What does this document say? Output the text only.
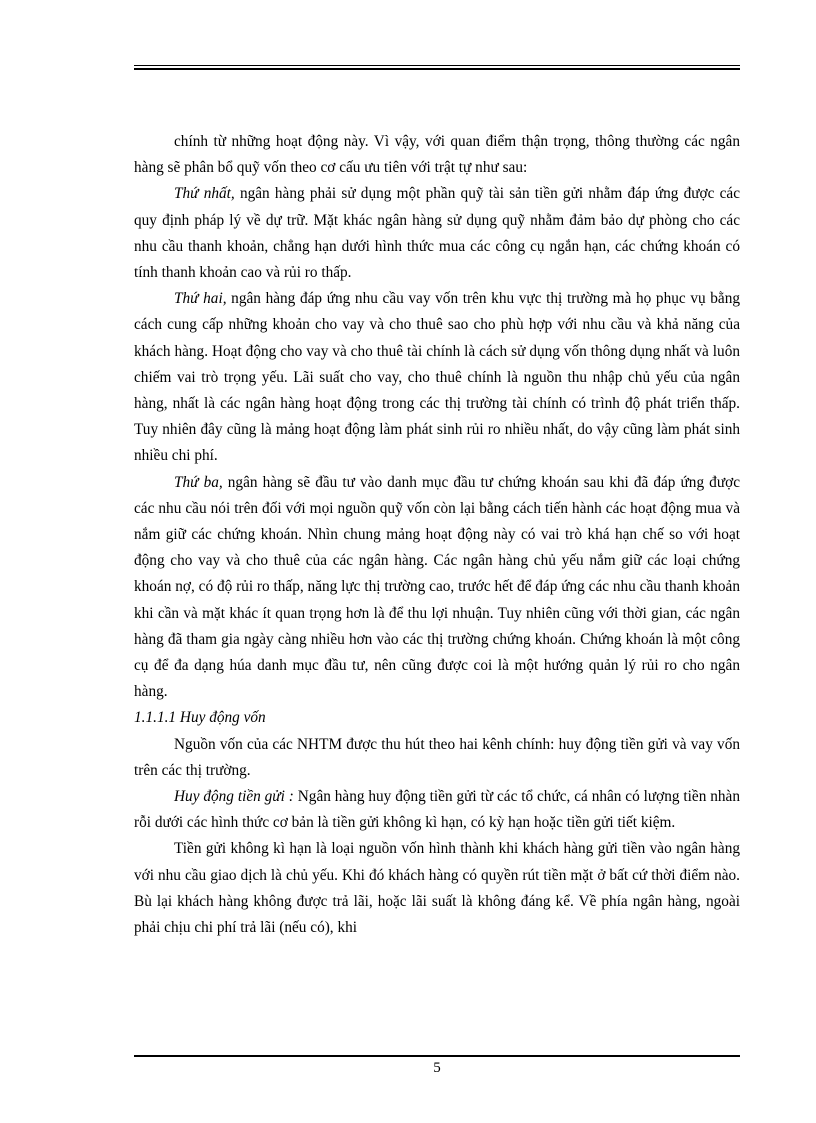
chính từ những hoạt động này. Vì vậy, với quan điểm thận trọng, thông thường các ngân hàng sẽ phân bổ quỹ vốn theo cơ cấu ưu tiên với trật tự như sau:

Thứ nhất, ngân hàng phải sử dụng một phần quỹ tài sản tiền gửi nhằm đáp ứng được các quy định pháp lý về dự trữ. Mặt khác ngân hàng sử dụng quỹ nhằm đảm bảo dự phòng cho các nhu cầu thanh khoản, chẳng hạn dưới hình thức mua các công cụ ngắn hạn, các chứng khoán có tính thanh khoản cao và rủi ro thấp.

Thứ hai, ngân hàng đáp ứng nhu cầu vay vốn trên khu vực thị trường mà họ phục vụ bằng cách cung cấp những khoản cho vay và cho thuê sao cho phù hợp với nhu cầu và khả năng của khách hàng. Hoạt động cho vay và cho thuê tài chính là cách sử dụng vốn thông dụng nhất và luôn chiếm vai trò trọng yếu. Lãi suất cho vay, cho thuê chính là nguồn thu nhập chủ yếu của ngân hàng, nhất là các ngân hàng hoạt động trong các thị trường tài chính có trình độ phát triển thấp. Tuy nhiên đây cũng là mảng hoạt động làm phát sinh rủi ro nhiều nhất, do vậy cũng làm phát sinh nhiều chi phí.

Thứ ba, ngân hàng sẽ đầu tư vào danh mục đầu tư chứng khoán sau khi đã đáp ứng được các nhu cầu nói trên đối với mọi nguồn quỹ vốn còn lại bằng cách tiến hành các hoạt động mua và nắm giữ các chứng khoán. Nhìn chung mảng hoạt động này có vai trò khá hạn chế so với hoạt động cho vay và cho thuê của các ngân hàng. Các ngân hàng chủ yếu nắm giữ các loại chứng khoán nợ, có độ rủi ro thấp, năng lực thị trường cao, trước hết để đáp ứng các nhu cầu thanh khoản khi cần và mặt khác ít quan trọng hơn là để thu lợi nhuận. Tuy nhiên cũng với thời gian, các ngân hàng đã tham gia ngày càng nhiều hơn vào các thị trường chứng khoán. Chứng khoán là một công cụ để đa dạng húa danh mục đầu tư, nên cũng được coi là một hướng quản lý rủi ro cho ngân hàng.

1.1.1.1 Huy động vốn

Nguồn vốn của các NHTM được thu hút theo hai kênh chính: huy động tiền gửi và vay vốn trên các thị trường.

Huy động tiền gửi : Ngân hàng huy động tiền gửi từ các tổ chức, cá nhân có lượng tiền nhàn rỗi dưới các hình thức cơ bản là tiền gửi không kì hạn, có kỳ hạn hoặc tiền gửi tiết kiệm.

Tiền gửi không kì hạn là loại nguồn vốn hình thành khi khách hàng gửi tiền vào ngân hàng với nhu cầu giao dịch là chủ yếu. Khi đó khách hàng có quyền rút tiền mặt ở bất cứ thời điểm nào. Bù lại khách hàng không được trả lãi, hoặc lãi suất là không đáng kể. Về phía ngân hàng, ngoài phải chịu chi phí trả lãi (nếu có), khi

5
